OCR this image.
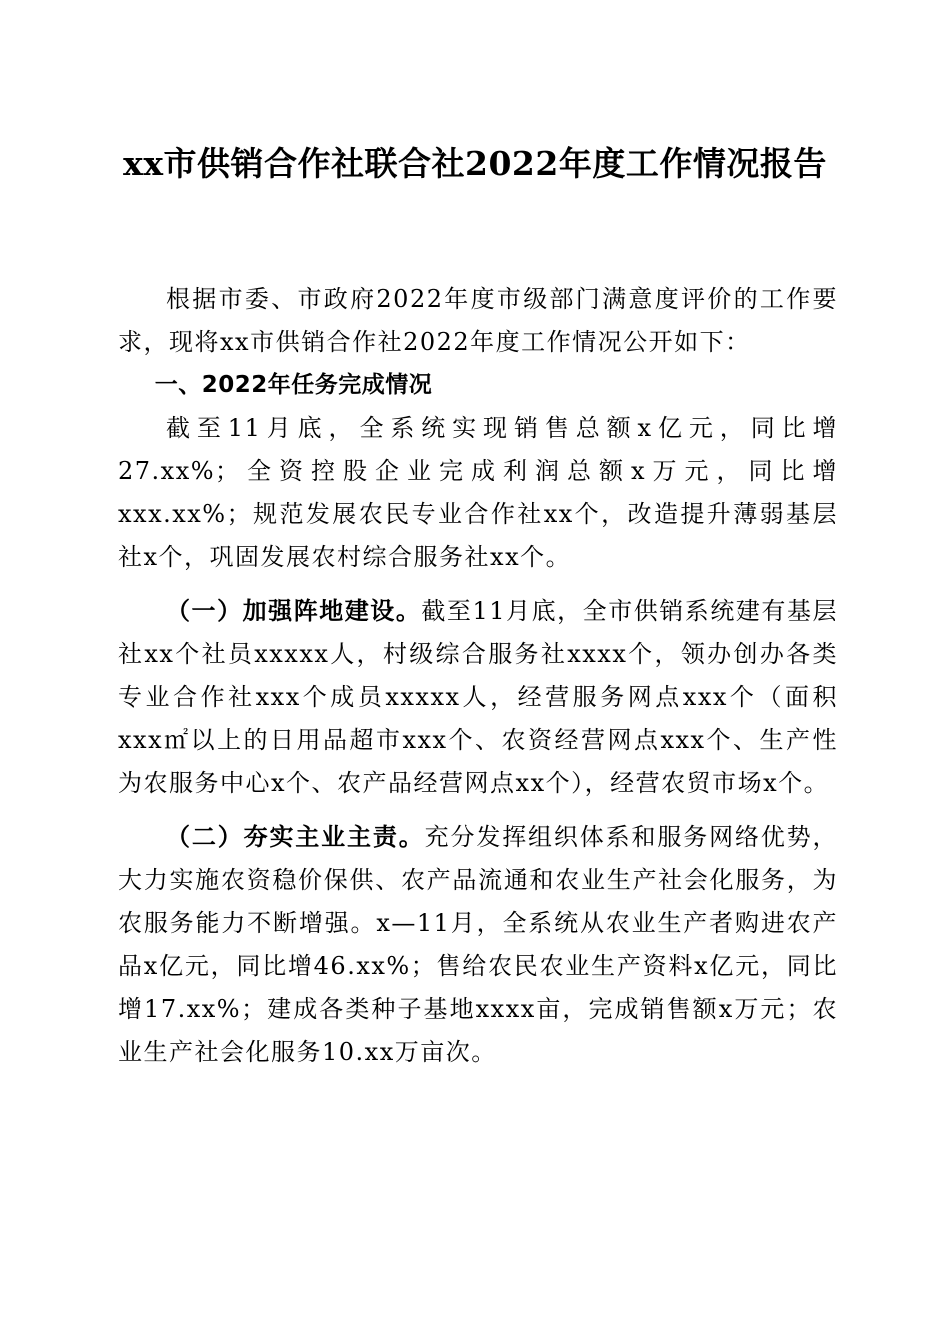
xx市供销合作社联合社2022年度工作情况报告

根据市委、市政府2022年度市级部门满意度评价的工作要求，现将xx市供销合作社2022年度工作情况公开如下：

一、2022年任务完成情况

截至11月底，全系统实现销售总额x亿元，同比增27.xx%；全资控股企业完成利润总额x万元，同比增xxx.xx%；规范发展农民专业合作社xx个，改造提升薄弱基层社x个，巩固发展农村综合服务社xx个。

（一）加强阵地建设。截至11月底，全市供销系统建有基层社xx个社员xxxxx人，村级综合服务社xxxx个，领办创办各类专业合作社xxx个成员xxxxx人，经营服务网点xxx个（面积xxx㎡以上的日用品超市xxx个、农资经营网点xxx个、生产性为农服务中心x个、农产品经营网点xx个），经营农贸市场x个。

（二）夯实主业主责。充分发挥组织体系和服务网络优势，大力实施农资稳价保供、农产品流通和农业生产社会化服务，为农服务能力不断增强。x—11月，全系统从农业生产者购进农产品x亿元，同比增46.xx%；售给农民农业生产资料x亿元，同比增17.xx%；建成各类种子基地xxxx亩，完成销售额x万元；农业生产社会化服务10.xx万亩次。
